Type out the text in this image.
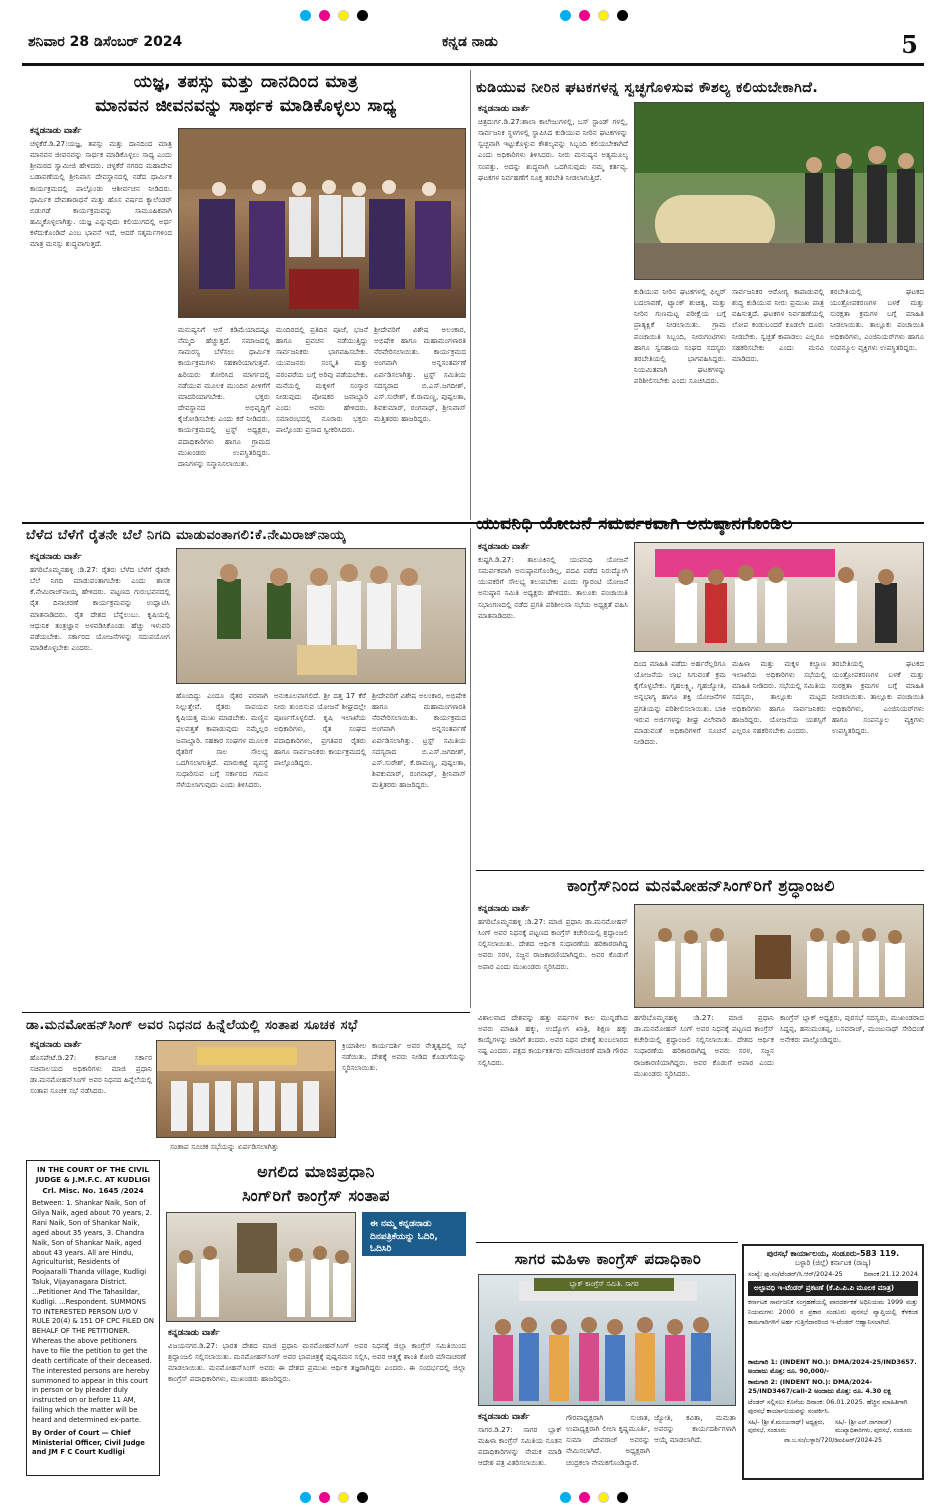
ಶನಿವಾರ 28 ಡಿಸೆಂಬರ್ 2024	ಕನ್ನಡ ನಾಡು	5
ಯಜ್ಞ, ತಪಸ್ಸು ಮತ್ತು ದಾನದಿಂದ ಮಾತ್ರ
ಮಾನವನ ಜೀವನವನ್ನು ಸಾರ್ಥಕ ಮಾಡಿಕೊಳ್ಳಲು ಸಾಧ್ಯ
ಕನ್ನಡನಾಡು ವಾರ್ತೆ
ಚಳ್ಳಕೆರೆ.ಡಿ.27:ಯಜ್ಞ, ತಪಸ್ಸು ಮತ್ತು ದಾನದಿಂದ ಮಾತ್ರ ಮಾನವನ ಜೀವನವನ್ನು ಸಾರ್ಥಕ ಮಾಡಿಕೊಳ್ಳಲು ಸಾಧ್ಯ ಎಂದು ಶ್ರೀಮಠದ ಸ್ವಾಮೀಜಿ ಹೇಳಿದರು. ಚಳ್ಳಕೆರೆ ನಗರದ ಮಹಾದೇವ ಬಡಾವಣೆಯಲ್ಲಿ ಶ್ರೀನಿವಾಸ ದೇವಸ್ಥಾನದಲ್ಲಿ ನಡೆದ ಧಾರ್ಮಿಕ ಕಾರ್ಯಕ್ರಮದಲ್ಲಿ ಪಾಲ್ಗೊಂಡು ಆಶೀರ್ವಚನ ನೀಡಿದರು. ಧಾರ್ಮಿಕ ದೇವತಾರಾಧನೆ ಮತ್ತು ಹೊಸ ವರ್ಷದ ಕ್ಯಾಲೆಂಡರ್ ಬಿಡುಗಡೆ ಕಾರ್ಯಕ್ರಮವನ್ನು ಸಾಮೂಹಿಕವಾಗಿ ಹಮ್ಮಿಕೊಳ್ಳಲಾಗಿತ್ತು. ಯಜ್ಞ ಎನ್ನುವುದು ಕಲಿಯುಗದಲ್ಲಿ ಅರ್ಥ ಕಳೆದುಕೊಂಡಿದೆ ಎಂಬ ಭಾವನೆ ಇದೆ, ಆದರೆ ಸತ್ಕರ್ಮಗಳಿಂದ ಮಾತ್ರ ಮನಸ್ಸು ಶುದ್ಧವಾಗುತ್ತದೆ.
ಮನುಷ್ಯನಿಗೆ ಆಸೆ ಕಡಿಮೆಯಾದಷ್ಟೂ ನೆಮ್ಮದಿ ಹೆಚ್ಚುತ್ತದೆ. ಸಮಾಜದಲ್ಲಿ ಸಾಮರಸ್ಯ ಬೆಳೆಸಲು ಧಾರ್ಮಿಕ ಕಾರ್ಯಕ್ರಮಗಳು ಸಹಕಾರಿಯಾಗುತ್ತವೆ. ಹಿರಿಯರು ತೋರಿಸಿದ ಮಾರ್ಗದಲ್ಲಿ ನಡೆಯುವ ಮೂಲಕ ಮುಂದಿನ ಪೀಳಿಗೆಗೆ ಮಾದರಿಯಾಗಬೇಕು. ಭಕ್ತರು ದೇವಸ್ಥಾನದ ಅಭಿವೃದ್ಧಿಗೆ ಕೈಜೋಡಿಸಬೇಕು ಎಂದು ಕರೆ ನೀಡಿದರು. ಕಾರ್ಯಕ್ರಮದಲ್ಲಿ ಟ್ರಸ್ಟ್ ಅಧ್ಯಕ್ಷರು, ಪದಾಧಿಕಾರಿಗಳು ಹಾಗೂ ಗ್ರಾಮದ ಮುಖಂಡರು ಉಪಸ್ಥಿತರಿದ್ದರು. ದಾನಿಗಳನ್ನು ಸನ್ಮಾನಿಸಲಾಯಿತು.
ಮಂದಿರದಲ್ಲಿ ಪ್ರತಿದಿನ ಪೂಜೆ, ಭಜನೆ ಹಾಗೂ ಪ್ರವಚನ ನಡೆಯುತ್ತಿದ್ದು ಸಾರ್ವಜನಿಕರು ಭಾಗವಹಿಸಬೇಕು. ಯುವಜನರು ಸಂಸ್ಕೃತಿ ಮತ್ತು ಪರಂಪರೆಯ ಬಗ್ಗೆ ಅರಿವು ಪಡೆಯಬೇಕು. ಮನೆಯಲ್ಲಿ ಮಕ್ಕಳಿಗೆ ಸಂಸ್ಕಾರ ನೀಡುವುದು ಪೋಷಕರ ಜವಾಬ್ದಾರಿ ಎಂದು ಅವರು ಹೇಳಿದರು. ಸಮಾರಂಭದಲ್ಲಿ ನೂರಾರು ಭಕ್ತರು ಪಾಲ್ಗೊಂಡು ಪ್ರಸಾದ ಸ್ವೀಕರಿಸಿದರು.
ಶ್ರೀದೇವರಿಗೆ ವಿಶೇಷ ಅಲಂಕಾರ, ಅಭಿಷೇಕ ಹಾಗೂ ಮಹಾಮಂಗಳಾರತಿ ನೆರವೇರಿಸಲಾಯಿತು. ಕಾರ್ಯಕ್ರಮದ ಅಂಗವಾಗಿ ಅನ್ನಸಂತರ್ಪಣೆ ಏರ್ಪಡಿಸಲಾಗಿತ್ತು. ಟ್ರಸ್ಟ್ ಸಮಿತಿಯ ಸದಸ್ಯರಾದ ಬಿ.ಎಸ್.ಜಗದೀಶ್, ಎಸ್.ಸುರೇಶ್, ಕೆ.ರಾಮಣ್ಣ, ಪುಷ್ಪಲತಾ, ಶಿವಕುಮಾರ್, ರಂಗನಾಥ್, ಶ್ರೀನಿವಾಸ್ ಮತ್ತಿತರರು ಹಾಜರಿದ್ದರು.
ಕುಡಿಯುವ ನೀರಿನ ಘಟಕಗಳನ್ನ ಸ್ವಚ್ಛಗೊಳಿಸುವ ಕೌಶಲ್ಯ ಕಲಿಯಬೇಕಾಗಿದೆ.
ಕನ್ನಡನಾಡು ವಾರ್ತೆ
ಚಿತ್ರದುರ್ಗ.ಡಿ.27:ಶಾಲಾ ಕಾಲೇಜುಗಳಲ್ಲಿ, ಬಸ್ ಸ್ಟಾಂಡ್ ಗಳಲ್ಲಿ, ಸಾರ್ವಜನಿಕ ಸ್ಥಳಗಳಲ್ಲಿ ಸ್ಥಾಪಿಸಿದ ಕುಡಿಯುವ ನೀರಿನ ಘಟಕಗಳನ್ನು ಸ್ವಚ್ಛವಾಗಿ ಇಟ್ಟುಕೊಳ್ಳುವ ಕೌಶಲ್ಯವನ್ನು ಸಿಬ್ಬಂದಿ ಕಲಿಯಬೇಕಾಗಿದೆ ಎಂದು ಅಧಿಕಾರಿಗಳು ತಿಳಿಸಿದರು. ನೀರು ಮನುಷ್ಯನ ಅತ್ಯಮೂಲ್ಯ ಸಂಪತ್ತು. ಅದನ್ನು ಶುದ್ಧವಾಗಿ ಒದಗಿಸುವುದು ನಮ್ಮ ಕರ್ತವ್ಯ. ಘಟಕಗಳ ನಿರ್ವಹಣೆಗೆ ಸೂಕ್ತ ತರಬೇತಿ ನೀಡಲಾಗುತ್ತಿದೆ.
ಕುಡಿಯುವ ನೀರಿನ ಘಟಕಗಳಲ್ಲಿ ಫಿಲ್ಟರ್ ಬದಲಾವಣೆ, ಟ್ಯಾಂಕ್ ಶುಚಿತ್ವ, ಮತ್ತು ನೀರಿನ ಗುಣಮಟ್ಟ ಪರೀಕ್ಷೆಯ ಬಗ್ಗೆ ಪ್ರಾತ್ಯಕ್ಷಿಕೆ ನೀಡಲಾಯಿತು. ಗ್ರಾಮ ಪಂಚಾಯಿತಿ ಸಿಬ್ಬಂದಿ, ನೀರುಗಂಟಿಗಳು ಹಾಗೂ ಸ್ವಸಹಾಯ ಸಂಘದ ಸದಸ್ಯರು ತರಬೇತಿಯಲ್ಲಿ ಭಾಗವಹಿಸಿದ್ದರು. ನಿಯಮಿತವಾಗಿ ಘಟಕಗಳನ್ನು ಪರಿಶೀಲಿಸಬೇಕು ಎಂದು ಸೂಚಿಸಿದರು.
ಸಾರ್ವಜನಿಕರ ಆರೋಗ್ಯ ಕಾಪಾಡುವಲ್ಲಿ ಶುದ್ಧ ಕುಡಿಯುವ ನೀರು ಪ್ರಮುಖ ಪಾತ್ರ ವಹಿಸುತ್ತದೆ. ಘಟಕಗಳ ನಿರ್ವಹಣೆಯಲ್ಲಿ ಲೋಪ ಕಂಡುಬಂದರೆ ಕೂಡಲೇ ದೂರು ನೀಡಬೇಕು. ಸ್ವಚ್ಛತೆ ಕಾಪಾಡಲು ಎಲ್ಲರೂ ಸಹಕರಿಸಬೇಕು ಎಂದು ಮನವಿ ಮಾಡಿದರು.
ತರಬೇತಿಯಲ್ಲಿ ಘಟಕದ ಯಂತ್ರೋಪಕರಣಗಳ ಬಳಕೆ ಮತ್ತು ಸುರಕ್ಷತಾ ಕ್ರಮಗಳ ಬಗ್ಗೆ ಮಾಹಿತಿ ನೀಡಲಾಯಿತು. ತಾಲ್ಲೂಕು ಪಂಚಾಯಿತಿ ಅಧಿಕಾರಿಗಳು, ಎಂಜಿನಿಯರ್‌ಗಳು ಹಾಗೂ ಸಂಪನ್ಮೂಲ ವ್ಯಕ್ತಿಗಳು ಉಪಸ್ಥಿತರಿದ್ದರು.
ಬೆಳೆದ ಬೆಳೆಗೆ ರೈತನೇ ಬೆಲೆ ನಿಗದಿ ಮಾಡುವಂತಾಗಲಿ:ಕೆ.ನೇಮಿರಾಜ್‌ನಾಯ್ಕ
ಕನ್ನಡನಾಡು ವಾರ್ತೆ
ಹಗರಿಬೊಮ್ಮನಹಳ್ಳಿ :ಡಿ.27: ರೈತರು ಬೆಳೆದ ಬೆಳೆಗೆ ರೈತರೇ ಬೆಲೆ ನಿಗದಿ ಮಾಡುವಂತಾಗಬೇಕು ಎಂದು ಶಾಸಕ ಕೆ.ನೇಮಿರಾಜ್‌ನಾಯ್ಕ ಹೇಳಿದರು. ಪಟ್ಟಣದ ಗುರುಭವನದಲ್ಲಿ ರೈತ ದಿನಾಚರಣೆ ಕಾರ್ಯಕ್ರಮವನ್ನು ಉದ್ಘಾಟಿಸಿ ಮಾತನಾಡಿದರು. ರೈತ ದೇಶದ ಬೆನ್ನೆಲುಬು. ಕೃಷಿಯಲ್ಲಿ ಆಧುನಿಕ ತಂತ್ರಜ್ಞಾನ ಅಳವಡಿಸಿಕೊಂಡು ಹೆಚ್ಚು ಇಳುವರಿ ಪಡೆಯಬೇಕು. ಸರ್ಕಾರದ ಯೋಜನೆಗಳನ್ನು ಸದುಪಯೋಗ ಮಾಡಿಕೊಳ್ಳಬೇಕು ಎಂದರು.
ಹೊಂದಿದ್ದು ಎಂದೂ ರೈತರ ಪರವಾಗಿ ನಿಲ್ಲುತ್ತೇವೆ. ರೈತರು ಸಾವಯವ ಕೃಷಿಯತ್ತ ಮುಖ ಮಾಡಬೇಕು. ಮಣ್ಣಿನ ಫಲವತ್ತತೆ ಕಾಪಾಡುವುದು ನಮ್ಮೆಲ್ಲರ ಜವಾಬ್ದಾರಿ. ಸಹಕಾರ ಸಂಘಗಳ ಮೂಲಕ ರೈತರಿಗೆ ಸಾಲ ಸೌಲಭ್ಯ ಒದಗಿಸಲಾಗುತ್ತಿದೆ. ಮಾರುಕಟ್ಟೆ ವ್ಯವಸ್ಥೆ ಸುಧಾರಿಸುವ ಬಗ್ಗೆ ಸರ್ಕಾರದ ಗಮನ ಸೆಳೆಯಲಾಗುವುದು ಎಂದು ತಿಳಿಸಿದರು.
ಅನುಕೂಲವಾಗಲಿದೆ. ಶ್ರೀ ದತ್ತ 17 ಕೆರೆ ನೀರು ತುಂಬಿಸುವ ಯೋಜನೆ ಶೀಘ್ರದಲ್ಲೇ ಪೂರ್ಣಗೊಳ್ಳಲಿದೆ. ಕೃಷಿ ಇಲಾಖೆಯ ಅಧಿಕಾರಿಗಳು, ರೈತ ಸಂಘದ ಪದಾಧಿಕಾರಿಗಳು, ಪ್ರಗತಿಪರ ರೈತರು ಹಾಗೂ ಸಾರ್ವಜನಿಕರು ಕಾರ್ಯಕ್ರಮದಲ್ಲಿ ಪಾಲ್ಗೊಂಡಿದ್ದರು.
ಶ್ರೀದೇವರಿಗೆ ವಿಶೇಷ ಅಲಂಕಾರ, ಅಭಿಷೇಕ ಹಾಗೂ ಮಹಾಮಂಗಳಾರತಿ ನೆರವೇರಿಸಲಾಯಿತು. ಕಾರ್ಯಕ್ರಮದ ಅಂಗವಾಗಿ ಅನ್ನಸಂತರ್ಪಣೆ ಏರ್ಪಡಿಸಲಾಗಿತ್ತು. ಟ್ರಸ್ಟ್ ಸಮಿತಿಯ ಸದಸ್ಯರಾದ ಬಿ.ಎಸ್.ಜಗದೀಶ್, ಎಸ್.ಸುರೇಶ್, ಕೆ.ರಾಮಣ್ಣ, ಪುಷ್ಪಲತಾ, ಶಿವಕುಮಾರ್, ರಂಗನಾಥ್, ಶ್ರೀನಿವಾಸ್ ಮತ್ತಿತರರು ಹಾಜರಿದ್ದರು.
ಯುವನಿಧಿ ಯೋಜನೆ ಸಮರ್ಪಕವಾಗಿ ಅನುಷ್ಠಾನಗೊಂಡಿಲ
ಕನ್ನಡನಾಡು ವಾರ್ತೆ
ಕುಷ್ಟಗಿ.ಡಿ.27: ತಾಲೂಕಿನಲ್ಲಿ ಯುವನಿಧಿ ಯೋಜನೆ ಸಮರ್ಪಕವಾಗಿ ಅನುಷ್ಠಾನಗೊಂಡಿಲ್ಲ, ಪದವಿ ಪಡೆದ ನಿರುದ್ಯೋಗಿ ಯುವಕರಿಗೆ ಸೌಲಭ್ಯ ತಲುಪಬೇಕು ಎಂದು ಗ್ಯಾರಂಟಿ ಯೋಜನೆ ಅನುಷ್ಠಾನ ಸಮಿತಿ ಅಧ್ಯಕ್ಷರು ಹೇಳಿದರು. ತಾಲೂಕು ಪಂಚಾಯಿತಿ ಸಭಾಂಗಣದಲ್ಲಿ ನಡೆದ ಪ್ರಗತಿ ಪರಿಶೀಲನಾ ಸಭೆಯ ಅಧ್ಯಕ್ಷತೆ ವಹಿಸಿ ಮಾತನಾಡಿದರು.
ದಿಂದ ಮಾಹಿತಿ ಪಡೆದು ಅರ್ಹರೆಲ್ಲರಿಗೂ ಯೋಜನೆಯ ಲಾಭ ಸಿಗುವಂತೆ ಕ್ರಮ ಕೈಗೊಳ್ಳಬೇಕು. ಗೃಹಲಕ್ಷ್ಮಿ, ಗೃಹಜ್ಯೋತಿ, ಅನ್ನಭಾಗ್ಯ ಹಾಗೂ ಶಕ್ತಿ ಯೋಜನೆಗಳ ಪ್ರಗತಿಯನ್ನು ಪರಿಶೀಲಿಸಲಾಯಿತು. ಬಾಕಿ ಇರುವ ಅರ್ಜಿಗಳನ್ನು ಶೀಘ್ರ ವಿಲೇವಾರಿ ಮಾಡುವಂತೆ ಅಧಿಕಾರಿಗಳಿಗೆ ಸೂಚನೆ ನೀಡಿದರು.
ಮಹಿಳಾ ಮತ್ತು ಮಕ್ಕಳ ಕಲ್ಯಾಣ ಇಲಾಖೆಯ ಅಧಿಕಾರಿಗಳು ಸಭೆಯಲ್ಲಿ ಮಾಹಿತಿ ನೀಡಿದರು. ಸಭೆಯಲ್ಲಿ ಸಮಿತಿಯ ಸದಸ್ಯರು, ತಾಲ್ಲೂಕು ಮಟ್ಟದ ಅಧಿಕಾರಿಗಳು ಹಾಗೂ ಸಾರ್ವಜನಿಕರು ಹಾಜರಿದ್ದರು. ಯೋಜನೆಯ ಯಶಸ್ಸಿಗೆ ಎಲ್ಲರೂ ಸಹಕರಿಸಬೇಕು ಎಂದರು.
ತರಬೇತಿಯಲ್ಲಿ ಘಟಕದ ಯಂತ್ರೋಪಕರಣಗಳ ಬಳಕೆ ಮತ್ತು ಸುರಕ್ಷತಾ ಕ್ರಮಗಳ ಬಗ್ಗೆ ಮಾಹಿತಿ ನೀಡಲಾಯಿತು. ತಾಲ್ಲೂಕು ಪಂಚಾಯಿತಿ ಅಧಿಕಾರಿಗಳು, ಎಂಜಿನಿಯರ್‌ಗಳು ಹಾಗೂ ಸಂಪನ್ಮೂಲ ವ್ಯಕ್ತಿಗಳು ಉಪಸ್ಥಿತರಿದ್ದರು.
ಕಾಂಗ್ರೆಸ್‌ನಿಂದ ಮನಮೋಹನ್‌ಸಿಂಗ್‌ರಿಗೆ ಶ್ರದ್ಧಾಂಜಲಿ
ಕನ್ನಡನಾಡು ವಾರ್ತೆ
ಹಗರಿಬೊಮ್ಮನಹಳ್ಳಿ :ಡಿ.27: ಮಾಜಿ ಪ್ರಧಾನಿ ಡಾ.ಮನಮೋಹನ್ ಸಿಂಗ್ ಅವರ ನಿಧನಕ್ಕೆ ಪಟ್ಟಣದ ಕಾಂಗ್ರೆಸ್ ಕಚೇರಿಯಲ್ಲಿ ಶ್ರದ್ಧಾಂಜಲಿ ಸಲ್ಲಿಸಲಾಯಿತು. ದೇಶದ ಆರ್ಥಿಕ ಸುಧಾರಣೆಯ ಹರಿಕಾರರಾಗಿದ್ದ ಅವರು ಸರಳ, ಸಜ್ಜನ ರಾಜಕಾರಣಿಯಾಗಿದ್ದರು. ಅವರ ಕೊಡುಗೆ ಅಪಾರ ಎಂದು ಮುಖಂಡರು ಸ್ಮರಿಸಿದರು.
ವಿಶಾಲವಾದ ದೇಶವನ್ನು ಹತ್ತು ವರ್ಷಗಳ ಕಾಲ ಮುನ್ನಡೆಸಿದ ಅವರು ಮಾಹಿತಿ ಹಕ್ಕು, ಉದ್ಯೋಗ ಖಾತ್ರಿ, ಶಿಕ್ಷಣ ಹಕ್ಕು ಕಾಯ್ದೆಗಳನ್ನು ಜಾರಿಗೆ ತಂದರು. ಅವರ ನಿಧನ ದೇಶಕ್ಕೆ ತುಂಬಲಾರದ ನಷ್ಟ ಎಂದರು. ಪಕ್ಷದ ಕಾರ್ಯಕರ್ತರು ಮೌನಾಚರಣೆ ಮಾಡಿ ಗೌರವ ಸಲ್ಲಿಸಿದರು.
ಹಗರಿಬೊಮ್ಮನಹಳ್ಳಿ :ಡಿ.27: ಮಾಜಿ ಪ್ರಧಾನಿ ಡಾ.ಮನಮೋಹನ್ ಸಿಂಗ್ ಅವರ ನಿಧನಕ್ಕೆ ಪಟ್ಟಣದ ಕಾಂಗ್ರೆಸ್ ಕಚೇರಿಯಲ್ಲಿ ಶ್ರದ್ಧಾಂಜಲಿ ಸಲ್ಲಿಸಲಾಯಿತು. ದೇಶದ ಆರ್ಥಿಕ ಸುಧಾರಣೆಯ ಹರಿಕಾರರಾಗಿದ್ದ ಅವರು ಸರಳ, ಸಜ್ಜನ ರಾಜಕಾರಣಿಯಾಗಿದ್ದರು. ಅವರ ಕೊಡುಗೆ ಅಪಾರ ಎಂದು ಮುಖಂಡರು ಸ್ಮರಿಸಿದರು.
ಕಾಂಗ್ರೆಸ್ ಬ್ಲಾಕ್ ಅಧ್ಯಕ್ಷರು, ಪುರಸಭೆ ಸದಸ್ಯರು, ಮುಖಂಡರಾದ ಸಿದ್ದಪ್ಪ, ಹನುಮಂತಪ್ಪ, ಬಸವರಾಜ್, ಮಂಜುನಾಥ್ ಸೇರಿದಂತೆ ಅನೇಕರು ಪಾಲ್ಗೊಂಡಿದ್ದರು.
ಡಾ.ಮನಮೋಹನ್‌ಸಿಂಗ್ ಅವರ ನಿಧನದ ಹಿನ್ನೆಲೆಯಲ್ಲಿ ಸಂತಾಪ ಸೂಚಕ ಸಭೆ
ಕನ್ನಡನಾಡು ವಾರ್ತೆ
ಹೊಸಪೇಟೆ.ಡಿ.27: ಕರ್ನಾಟಕ ಸರ್ಕಾರ ಸಚಿವಾಲಯದ ಅಧಿಕಾರಿಗಳು ಮಾಜಿ ಪ್ರಧಾನಿ ಡಾ.ಮನಮೋಹನ್‌ಸಿಂಗ್ ಅವರ ನಿಧನದ ಹಿನ್ನೆಲೆಯಲ್ಲಿ ಸಂತಾಪ ಸೂಚಕ ಸಭೆ ನಡೆಸಿದರು.
ಕ್ರಿಯಾಶೀಲ ಕಾರ್ಯದರ್ಶಿ ಅವರ ನೇತೃತ್ವದಲ್ಲಿ ಸಭೆ ನಡೆಯಿತು. ದೇಶಕ್ಕೆ ಅವರು ನೀಡಿದ ಕೊಡುಗೆಯನ್ನು ಸ್ಮರಿಸಲಾಯಿತು.
ಸಂತಾಪ ಸೂಚಕ ಸಭೆಯನ್ನು ಏರ್ಪಡಿಸಲಾಗಿತ್ತು
IN THE COURT OF THE CIVIL JUDGE & J.M.F.C. AT KUDLIGI
Crl. Misc. No. 1645 /2024
Between: 1. Shankar Naik, Son of Gilya Naik, aged about 70 years, 2. Rani Naik, Son of Shankar Naik, aged about 35 years, 3. Chandra Naik, Son of Shankar Naik, aged about 43 years. All are Hindu, Agriculturist, Residents of Poojaaralli Thanda village, Kudligi Taluk, Vijayanagara District. ...Petitioner And The Tahasildar, Kudligi. ...Respondent. SUMMONS TO INTERESTED PERSON U/O V RULE 20(4) & 151 OF CPC FILED ON BEHALF OF THE PETITIONER. Whereas the above petitioners have to file the petition to get the death certificate of their deceased. The interested persons are hereby summoned to appear in this court in person or by pleader duly instructed on or before 11 AM, failing which the matter will be heard and determined ex-parte.
By Order of Court — Chief Ministerial Officer, Civil Judge and JM F C Court Kudligi
ಅಗಲಿದ ಮಾಜಿಪ್ರಧಾನಿ
ಸಿಂಗ್‌ರಿಗೆ ಕಾಂಗ್ರೆಸ್ ಸಂತಾಪ
ಈ ನಮ್ಮ ಕನ್ನಡನಾಡು
ದಿನಪತ್ರಿಕೆಯನ್ನು ಓದಿರಿ, ಓದಿಸಿರಿ
ಕನ್ನಡನಾಡು ವಾರ್ತೆ
ವಿಜಯನಗರ.ಡಿ.27: ಭಾರತ ದೇಶದ ಮಾಜಿ ಪ್ರಧಾನಿ ಮನಮೋಹನ್‌ಸಿಂಗ್ ಅವರ ನಿಧನಕ್ಕೆ ಜಿಲ್ಲಾ ಕಾಂಗ್ರೆಸ್ ಸಮಿತಿಯಿಂದ ಶ್ರದ್ಧಾಂಜಲಿ ಸಲ್ಲಿಸಲಾಯಿತು. ಮನಮೋಹನ್‌ಸಿಂಗ್ ಅವರ ಭಾವಚಿತ್ರಕ್ಕೆ ಪುಷ್ಪನಮನ ಸಲ್ಲಿಸಿ, ಅವರ ಆತ್ಮಕ್ಕೆ ಶಾಂತಿ ಕೋರಿ ಮೌನಾಚರಣೆ ಮಾಡಲಾಯಿತು. ಮನಮೋಹನ್‌ಸಿಂಗ್ ಅವರು ಈ ದೇಶದ ಪ್ರಮುಖ ಆರ್ಥಿಕ ತಜ್ಞರಾಗಿದ್ದರು ಎಂದರು. ಈ ಸಂದರ್ಭದಲ್ಲಿ ಜಿಲ್ಲಾ ಕಾಂಗ್ರೆಸ್ ಪದಾಧಿಕಾರಿಗಳು, ಮುಖಂಡರು ಹಾಜರಿದ್ದರು.
ಸಾಗರ ಮಹಿಳಾ ಕಾಂಗ್ರೆಸ್ ಪದಾಧಿಕಾರಿ
ಬ್ಲಾಕ್ ಕಾಂಗ್ರೆಸ್ ಸಮಿತಿ. ಸಾಗರ
ಕನ್ನಡನಾಡು ವಾರ್ತೆ
ಸಾಗರ.ಡಿ.27: ಸಾಗರ ಬ್ಲಾಕ್ ಮಹಿಳಾ ಕಾಂಗ್ರೆಸ್ ಸಮಿತಿಯ ನೂತನ ಪದಾಧಿಕಾರಿಗಳನ್ನು ನೇಮಕ ಮಾಡಿ ಆದೇಶ ಪತ್ರ ವಿತರಿಸಲಾಯಿತು.
ಗೌರವಾಧ್ಯಕ್ಷರಾಗಿ ಸುಜಾತ, ಉಪಾಧ್ಯಕ್ಷರಾಗಿ ಲೀಲಾ ಕೃಷ್ಣಮೂರ್ತಿ, ಸುಮಾ ದೇವರಾಜ್ ಅವರನ್ನು ನೇಮಿಸಲಾಗಿದೆ. ಅಧ್ಯಕ್ಷರಾಗಿ ಚಂದ್ರಕಲಾ ನೇಮಕಗೊಂಡಿದ್ದಾರೆ.
ಜ್ಯೋತಿ, ಕವಿತಾ, ಮಮತಾ ಅವರನ್ನು ಕಾರ್ಯದರ್ಶಿಗಳಾಗಿ ಆಯ್ಕೆ ಮಾಡಲಾಗಿದೆ.
ಪುರಸಭೆ ಕಾರ್ಯಾಲಯ, ಸಂಡೂರು-583 119.
ಬಳ್ಳಾರಿ (ಜಿಲ್ಲೆ) ಕರ್ನಾಟಕ (ರಾಜ್ಯ)
ಸಂಖ್ಯೆ: ಪು.ಸಂ/ಟೆಂಡರ್/ಸಿ.ಆರ್/2024-25	ದಿನಾಂಕ:21.12.2024
ಅಲ್ಪಾವಧಿ ಇ-ಟೆಂಡರ್ ಪ್ರಕಟಣೆ (ಕೆ.ಪಿ.ಪಿ.ಪಿ ಮೂಲಕ ಮಾತ್ರ)
ಕರ್ನಾಟಕ ಸಾರ್ವಜನಿಕ ಸಂಗ್ರಹಣೆಯಲ್ಲಿ ಪಾರದರ್ಶಕತೆ ಅಧಿನಿಯಮ 1999 ಮತ್ತು ನಿಯಮಗಳು 2000 ರ ಪ್ರಕಾರ ಸಂಡೂರು ಪುರಸಭೆ ವ್ಯಾಪ್ತಿಯಲ್ಲಿ ಕೆಳಕಂಡ ಕಾಮಗಾರಿಗಳಿಗೆ ಅರ್ಹ ಗುತ್ತಿಗೆದಾರರಿಂದ ಇ-ಟೆಂಡರ್ ಆಹ್ವಾನಿಸಲಾಗಿದೆ.
ಕಾಮಗಾರಿ 1: (INDENT NO.): DMA/2024-25/IND3657. ಅಂದಾಜು ಮೊತ್ತ: ರೂ. 90,000/-
ಕಾಮಗಾರಿ 2: (INDENT NO.): DMA/2024-25/IND3467/call-2 ಅಂದಾಜು ಮೊತ್ತ: ರೂ. 4.30 ಲಕ್ಷ
ಟೆಂಡರ್ ಸಲ್ಲಿಸಲು ಕೊನೆಯ ದಿನಾಂಕ: 06.01.2025. ಹೆಚ್ಚಿನ ಮಾಹಿತಿಗಾಗಿ ಪುರಸಭೆ ಕಾರ್ಯಾಲಯವನ್ನು ಸಂಪರ್ಕಿಸಿ.
ಸಹಿ/- (ಶ್ರೀ ಕೆ.ಮಂಜುನಾಥ್) ಅಧ್ಯಕ್ಷರು, ಪುರಸಭೆ, ಸಂಡೂರು
ಸಹಿ/- (ಶ್ರೀ ಎನ್.ನಾಗರಾಜ್) ಮುಖ್ಯಾಧಿಕಾರಿಗಳು, ಪುರಸಭೆ, ಸಂಡೂರು
ವಾ.ಬ.ಸಂ/ಬಳ್ಳಾರಿ/720/ಡಿಐಪಿಆರ್/2024-25
